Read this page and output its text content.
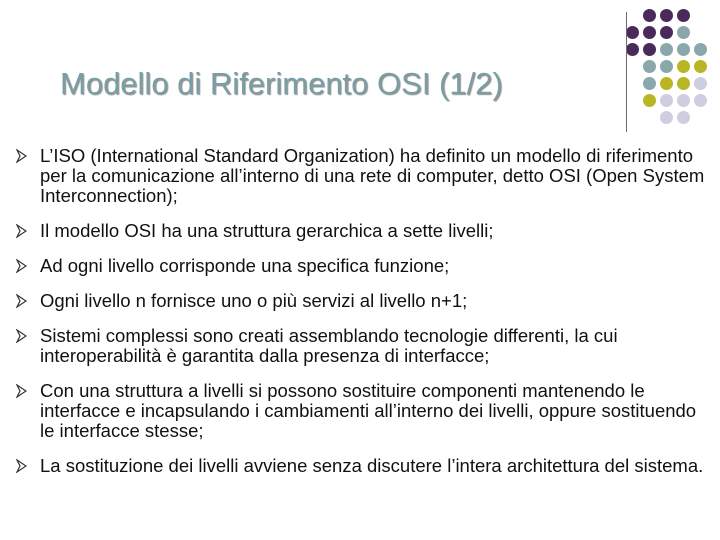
Modello di Riferimento OSI (1/2)
L’ISO (International Standard Organization) ha definito un modello di riferimento per la comunicazione all’interno di una rete di computer, detto OSI (Open System Interconnection);
Il modello OSI ha una struttura gerarchica a sette livelli;
Ad ogni livello corrisponde una specifica funzione;
Ogni livello n fornisce uno o più servizi al livello n+1;
Sistemi complessi sono creati assemblando tecnologie differenti, la cui interoperabilità è garantita dalla presenza di interfacce;
Con una struttura a livelli si possono sostituire componenti mantenendo le interfacce e incapsulando i cambiamenti all’interno dei livelli, oppure sostituendo le interfacce stesse;
La sostituzione dei livelli avviene senza discutere l’intera architettura del sistema.
